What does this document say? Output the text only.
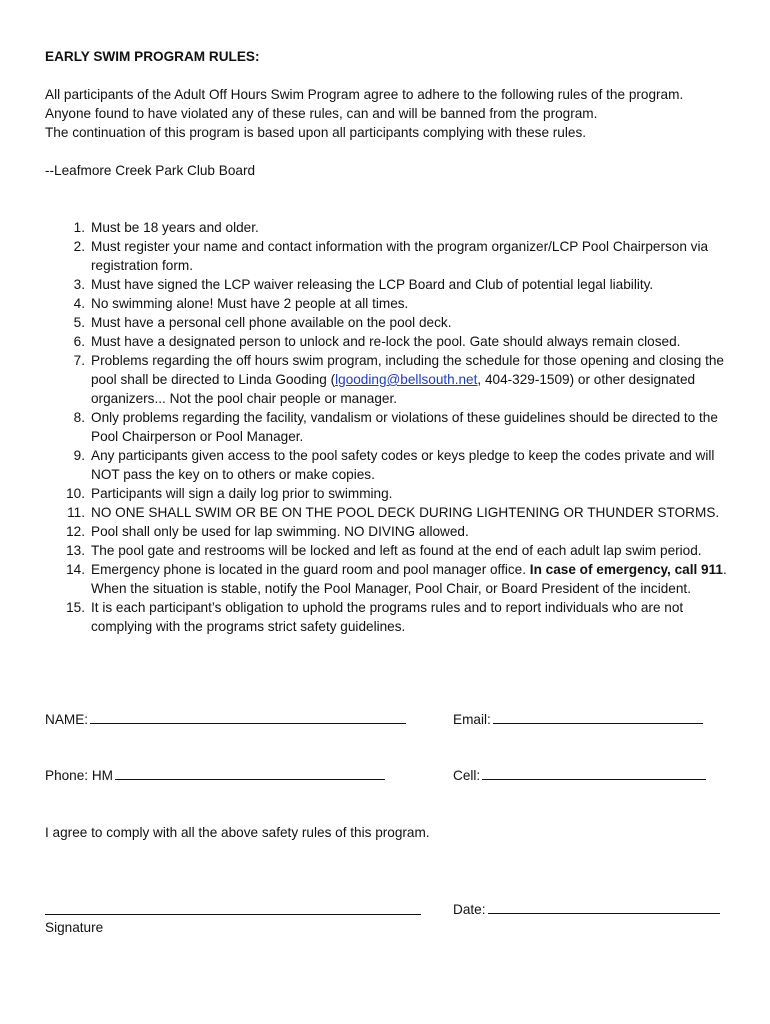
EARLY SWIM PROGRAM RULES:
All participants of the Adult Off Hours Swim Program agree to adhere to the following rules of the program.
Anyone found to have violated any of these rules, can and will be banned from the program.
The continuation of this program is based upon all participants complying with these rules.
--Leafmore Creek Park Club Board
1. Must be 18 years and older.
2. Must register your name and contact information with the program organizer/LCP Pool Chairperson via registration form.
3. Must have signed the LCP waiver releasing the LCP Board and Club of potential legal liability.
4. No swimming alone! Must have 2 people at all times.
5. Must have a personal cell phone available on the pool deck.
6. Must have a designated person to unlock and re-lock the pool. Gate should always remain closed.
7. Problems regarding the off hours swim program, including the schedule for those opening and closing the pool shall be directed to Linda Gooding (lgooding@bellsouth.net, 404-329-1509) or other designated organizers... Not the pool chair people or manager.
8. Only problems regarding the facility, vandalism or violations of these guidelines should be directed to the Pool Chairperson or Pool Manager.
9. Any participants given access to the pool safety codes or keys pledge to keep the codes private and will NOT pass the key on to others or make copies.
10. Participants will sign a daily log prior to swimming.
11. NO ONE SHALL SWIM OR BE ON THE POOL DECK DURING LIGHTENING OR THUNDER STORMS.
12. Pool shall only be used for lap swimming. NO DIVING allowed.
13. The pool gate and restrooms will be locked and left as found at the end of each adult lap swim period.
14. Emergency phone is located in the guard room and pool manager office. In case of emergency, call 911. When the situation is stable, notify the Pool Manager, Pool Chair, or Board President of the incident.
15. It is each participant’s obligation to uphold the programs rules and to report individuals who are not complying with the programs strict safety guidelines.
NAME:	Email:
Phone: HM	Cell:
I agree to comply with all the above safety rules of this program.
Signature
Date:
